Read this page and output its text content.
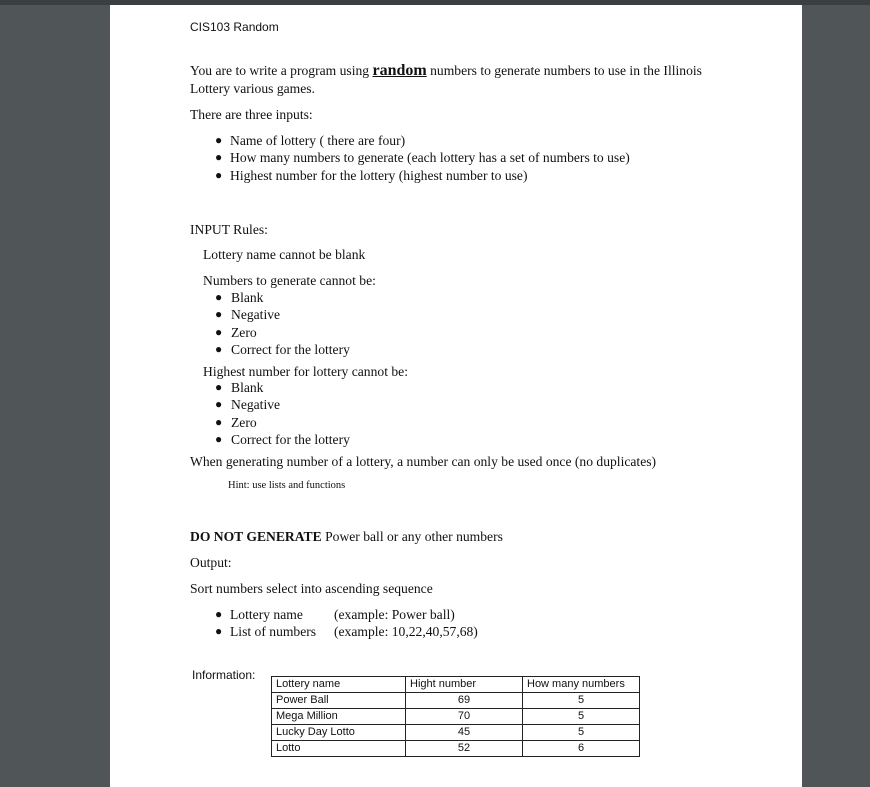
CIS103 Random
You are to write a program using random numbers to generate numbers to use in the Illinois
Lottery various games.
There are three inputs:
● Name of lottery ( there are four)
● How many numbers to generate (each lottery has a set of numbers to use)
● Highest number for the lottery (highest number to use)
INPUT Rules:
Lottery name cannot be blank
Numbers to generate cannot be:
● Blank
● Negative
● Zero
● Correct for the lottery
Highest number for lottery cannot be:
● Blank
● Negative
● Zero
● Correct for the lottery
When generating number of a lottery, a number can only be used once (no duplicates)
Hint: use lists and functions
DO NOT GENERATE Power ball or any other numbers
Output:
Sort numbers select into ascending sequence
● Lottery name (example: Power ball)
● List of numbers (example: 10,22,40,57,68)
Information:
Lottery name	Hight number	How many numbers
Power Ball	69	5
Mega Million	70	5
Lucky Day Lotto	45	5
Lotto	52	6
